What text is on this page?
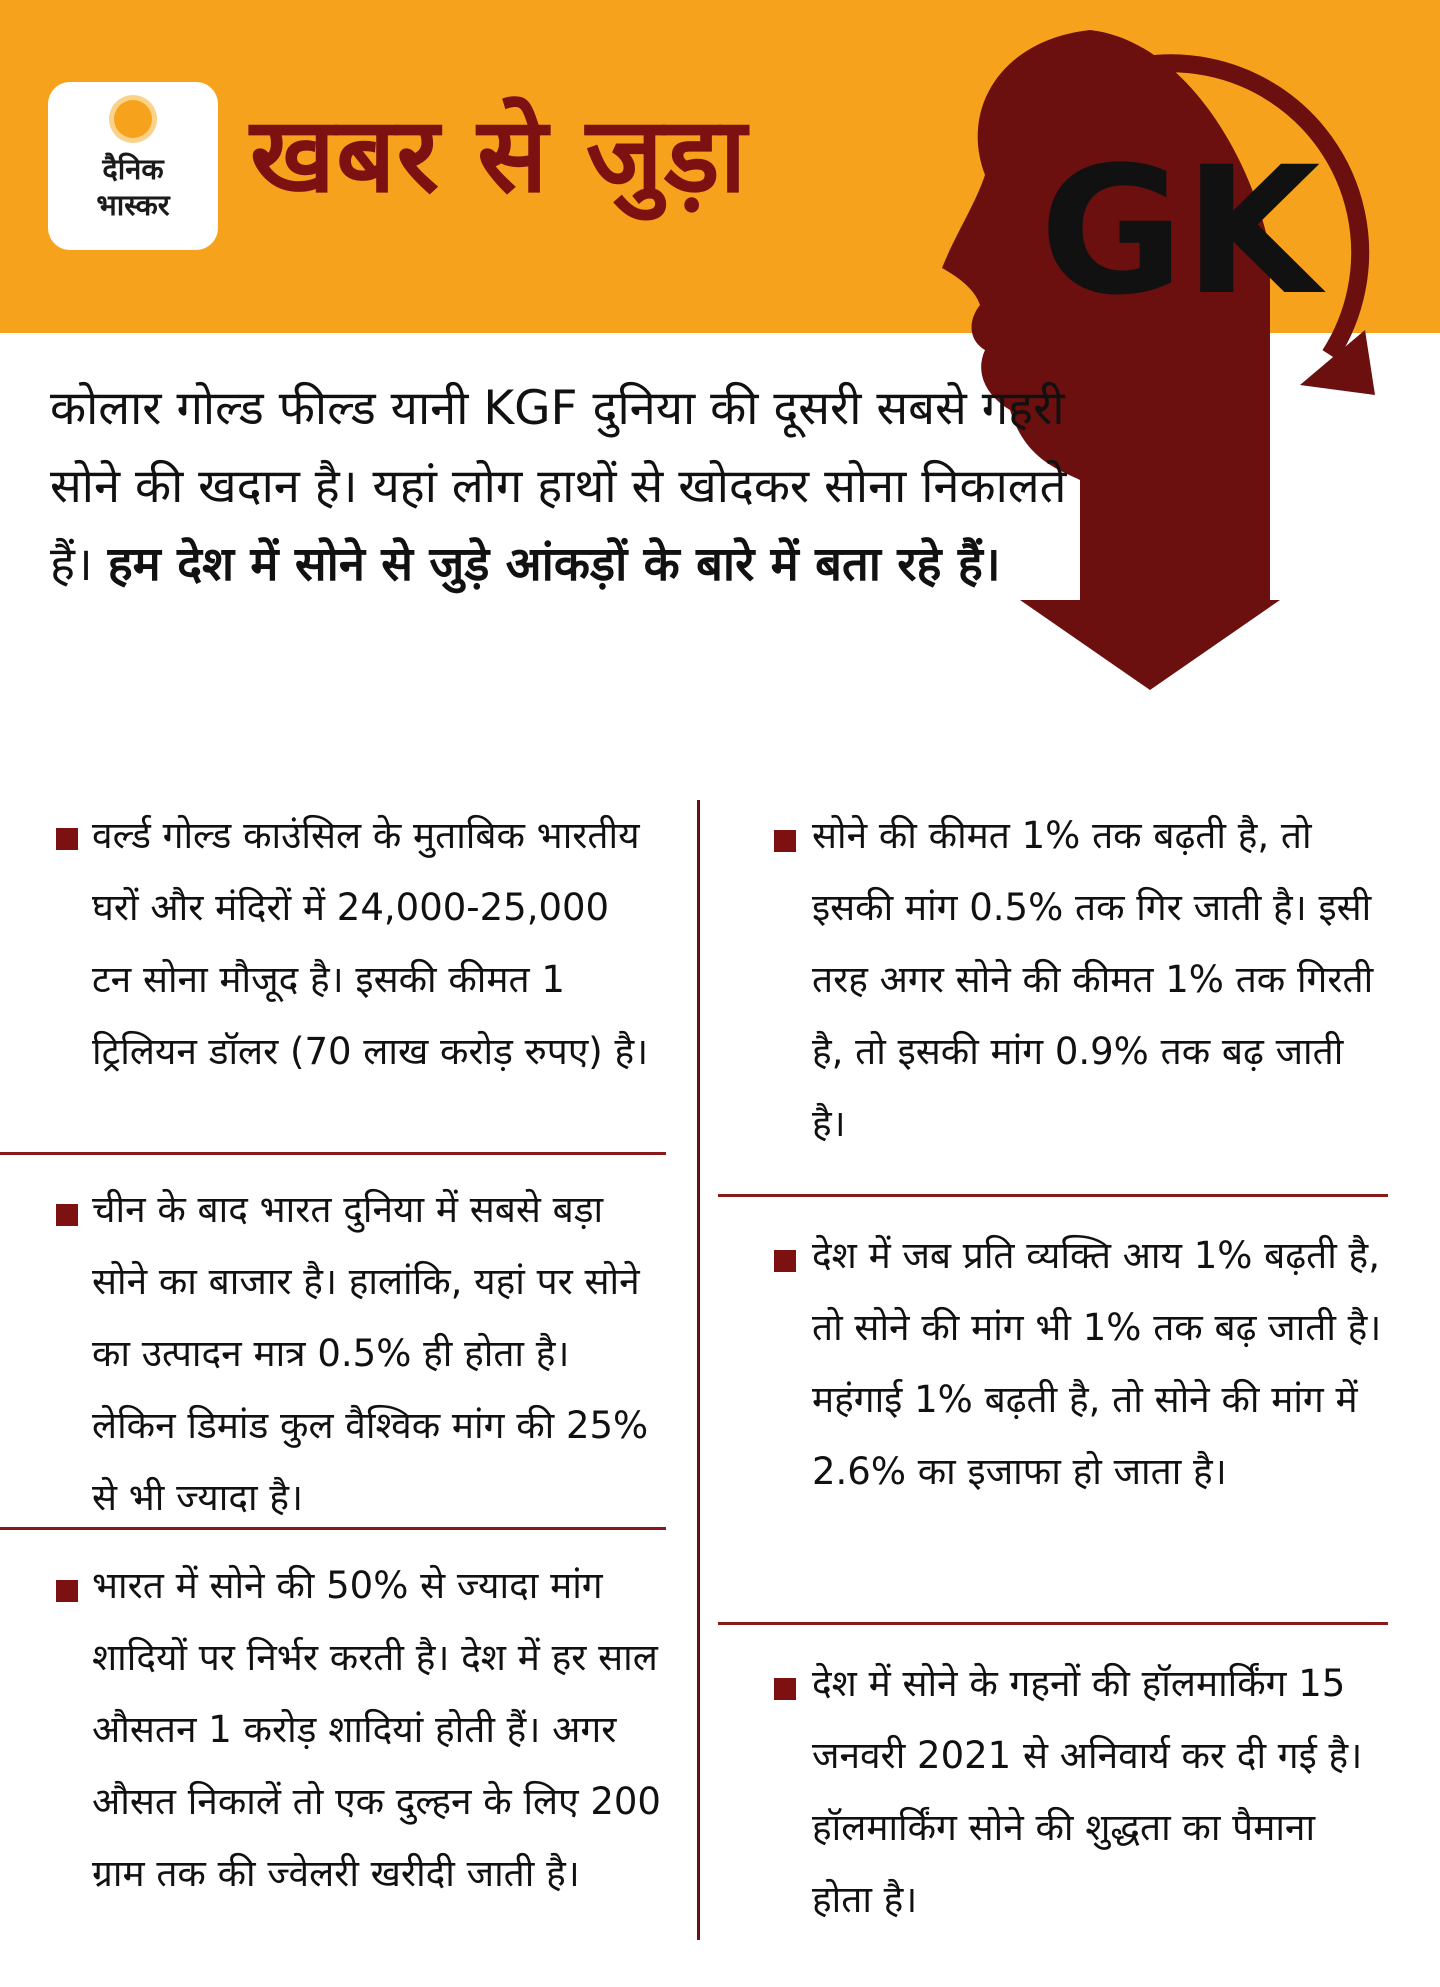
दैनिक
भास्कर खबर से जुड़ा GK
कोलार गोल्ड फील्ड यानी KGF दुनिया की दूसरी सबसे गहरी सोने की खदान है। यहां लोग हाथों से खोदकर सोना निकालते हैं। हम देश में सोने से जुड़े आंकड़ों के बारे में बता रहे हैं।
वर्ल्ड गोल्ड काउंसिल के मुताबिक भारतीय घरों और मंदिरों में 24,000-25,000 टन सोना मौजूद है। इसकी कीमत 1 ट्रिलियन डॉलर (70 लाख करोड़ रुपए) है।
चीन के बाद भारत दुनिया में सबसे बड़ा सोने का बाजार है। हालांकि, यहां पर सोने का उत्पादन मात्र 0.5% ही होता है। लेकिन डिमांड कुल वैश्विक मांग की 25% से भी ज्यादा है।
भारत में सोने की 50% से ज्यादा मांग शादियों पर निर्भर करती है। देश में हर साल औसतन 1 करोड़ शादियां होती हैं। अगर औसत निकालें तो एक दुल्हन के लिए 200 ग्राम तक की ज्वेलरी खरीदी जाती है।
सोने की कीमत 1% तक बढ़ती है, तो इसकी मांग 0.5% तक गिर जाती है। इसी तरह अगर सोने की कीमत 1% तक गिरती है, तो इसकी मांग 0.9% तक बढ़ जाती है।
देश में जब प्रति व्यक्ति आय 1% बढ़ती है, तो सोने की मांग भी 1% तक बढ़ जाती है। महंगाई 1% बढ़ती है, तो सोने की मांग में 2.6% का इजाफा हो जाता है।
देश में सोने के गहनों की हॉलमार्किंग 15 जनवरी 2021 से अनिवार्य कर दी गई है। हॉलमार्किंग सोने की शुद्धता का पैमाना होता है।
